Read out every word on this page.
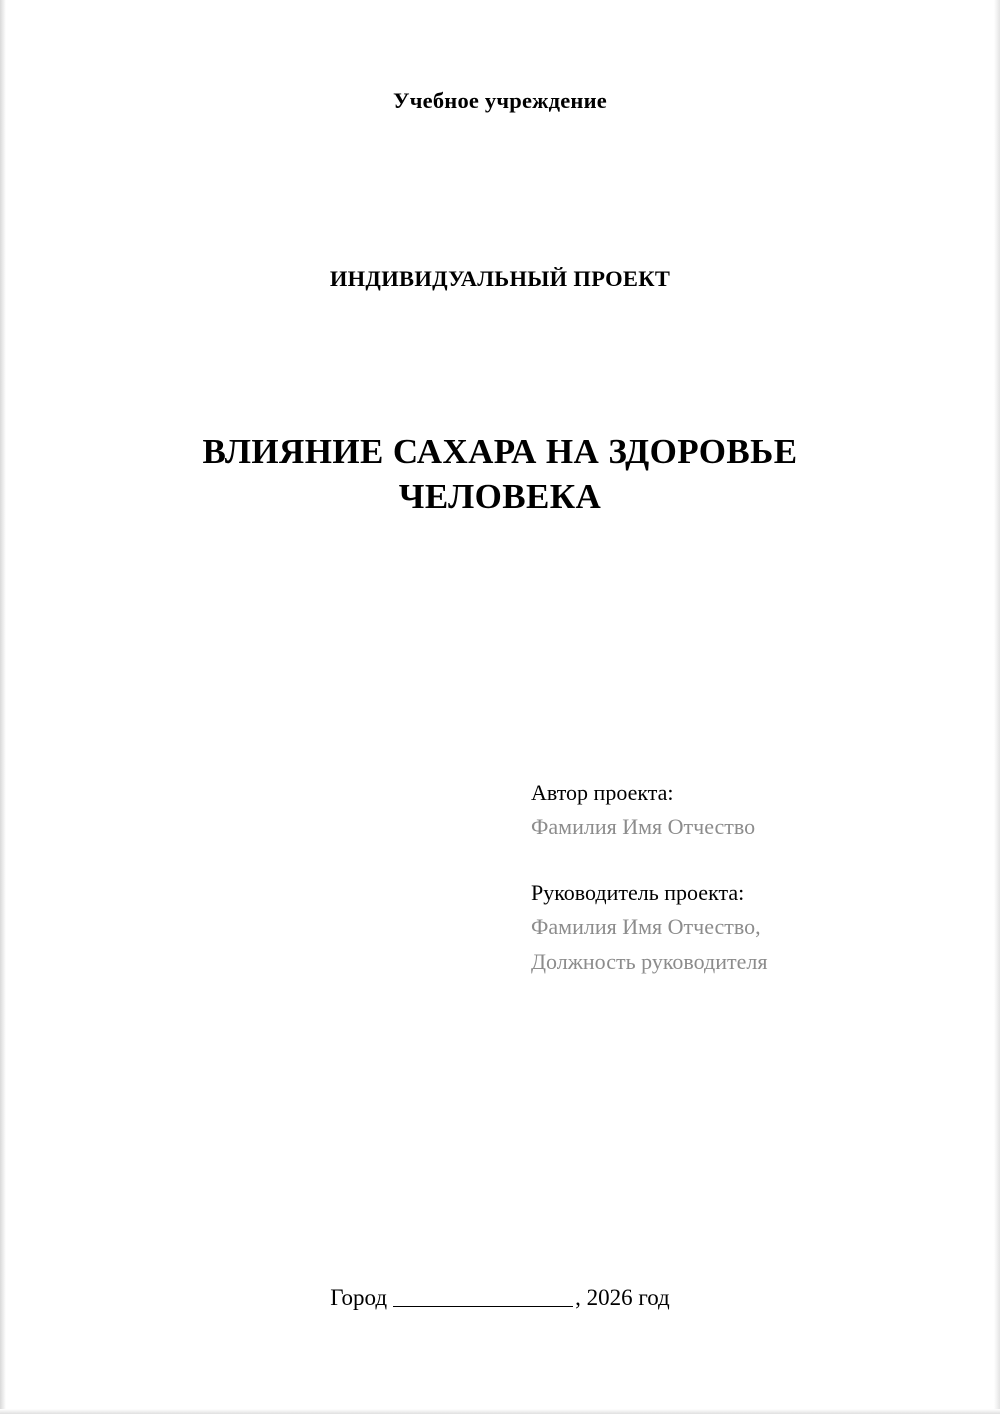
Учебное учреждение
ИНДИВИДУАЛЬНЫЙ ПРОЕКТ
ВЛИЯНИЕ САХАРА НА ЗДОРОВЬЕ
ЧЕЛОВЕКА

Автор проекта:

Фамилия Имя Отчество

Руководитель проекта:

Фамилия Имя Отчество,

Должность руководителя

Город	, 2026 год
